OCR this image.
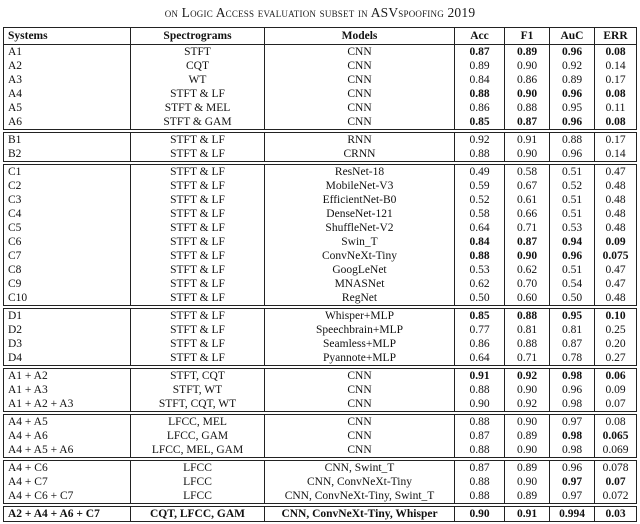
on Logic Access evaluation subset in ASVspoofing 2019
Systems	Spectrograms	Models	Acc	F1	AuC	ERR
A1	STFT	CNN	0.87	0.89	0.96	0.08
A2	CQT	CNN	0.89	0.90	0.92	0.14
A3	WT	CNN	0.84	0.86	0.89	0.17
A4	STFT & LF	CNN	0.88	0.90	0.96	0.08
A5	STFT & MEL	CNN	0.86	0.88	0.95	0.11
A6	STFT & GAM	CNN	0.85	0.87	0.96	0.08
B1	STFT & LF	RNN	0.92	0.91	0.88	0.17
B2	STFT & LF	CRNN	0.88	0.90	0.96	0.14
C1	STFT & LF	ResNet-18	0.49	0.58	0.51	0.47
C2	STFT & LF	MobileNet-V3	0.59	0.67	0.52	0.48
C3	STFT & LF	EfficientNet-B0	0.52	0.61	0.51	0.48
C4	STFT & LF	DenseNet-121	0.58	0.66	0.51	0.48
C5	STFT & LF	ShuffleNet-V2	0.64	0.71	0.53	0.48
C6	STFT & LF	Swin_T	0.84	0.87	0.94	0.09
C7	STFT & LF	ConvNeXt-Tiny	0.88	0.90	0.96	0.075
C8	STFT & LF	GoogLeNet	0.53	0.62	0.51	0.47
C9	STFT & LF	MNASNet	0.62	0.70	0.54	0.47
C10	STFT & LF	RegNet	0.50	0.60	0.50	0.48
D1	STFT & LF	Whisper+MLP	0.85	0.88	0.95	0.10
D2	STFT & LF	Speechbrain+MLP	0.77	0.81	0.81	0.25
D3	STFT & LF	Seamless+MLP	0.86	0.88	0.87	0.20
D4	STFT & LF	Pyannote+MLP	0.64	0.71	0.78	0.27
A1 + A2	STFT, CQT	CNN	0.91	0.92	0.98	0.06
A1 + A3	STFT, WT	CNN	0.88	0.90	0.96	0.09
A1 + A2 + A3	STFT, CQT, WT	CNN	0.90	0.92	0.98	0.07
A4 + A5	LFCC, MEL	CNN	0.88	0.90	0.97	0.08
A4 + A6	LFCC, GAM	CNN	0.87	0.89	0.98	0.065
A4 + A5 + A6	LFCC, MEL, GAM	CNN	0.88	0.90	0.98	0.069
A4 + C6	LFCC	CNN, Swint_T	0.87	0.89	0.96	0.078
A4 + C7	LFCC	CNN, ConvNeXt-Tiny	0.88	0.90	0.97	0.07
A4 + C6 + C7	LFCC	CNN, ConvNeXt-Tiny, Swint_T	0.88	0.89	0.97	0.072
A2 + A4 + A6 + C7	CQT, LFCC, GAM	CNN, ConvNeXt-Tiny, Whisper	0.90	0.91	0.994	0.03
